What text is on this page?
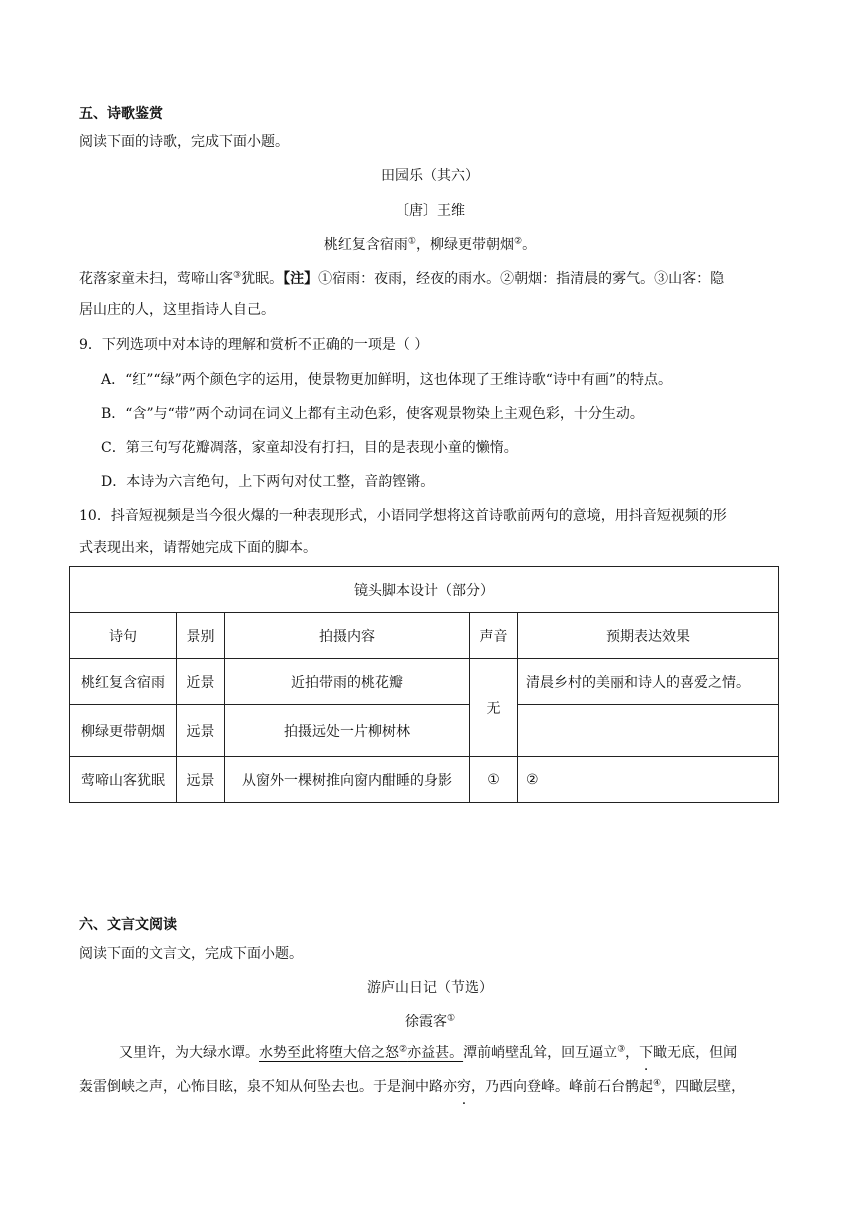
五、诗歌鉴赏
阅读下面的诗歌，完成下面小题。
田园乐（其六）
〔唐〕王维
桃红复含宿雨①，柳绿更带朝烟②。
花落家童未扫，莺啼山客③犹眠。【注】①宿雨：夜雨，经夜的雨水。②朝烟：指清晨的雾气。③山客：隐
居山庄的人，这里指诗人自己。
9．下列选项中对本诗的理解和赏析不正确的一项是（ ）
A．“红”“绿”两个颜色字的运用，使景物更加鲜明，这也体现了王维诗歌“诗中有画”的特点。
B．“含”与“带”两个动词在词义上都有主动色彩，使客观景物染上主观色彩，十分生动。
C．第三句写花瓣凋落，家童却没有打扫，目的是表现小童的懒惰。
D．本诗为六言绝句，上下两句对仗工整，音韵铿锵。
10．抖音短视频是当今很火爆的一种表现形式，小语同学想将这首诗歌前两句的意境，用抖音短视频的形
式表现出来，请帮她完成下面的脚本。
镜头脚本设计（部分）				
诗句	景别	拍摄内容	声音	预期表达效果
桃红复含宿雨	近景	近拍带雨的桃花瓣	无	清晨乡村的美丽和诗人的喜爱之情。
柳绿更带朝烟	远景	拍摄远处一片柳树林		
莺啼山客犹眠	远景	从窗外一棵树推向窗内酣睡的身影	①	②
六、文言文阅读
阅读下面的文言文，完成下面小题。
游庐山日记（节选）
徐霞客①
又里许，为大绿水谭。水势至此将堕大倍之怒②亦益甚。潭前峭壁乱耸，回互逼立③，下瞰无底，但闻
轰雷倒峡之声，心怖目眩，泉不知从何坠去也。于是涧中路亦穷，乃西向登峰。峰前石台鹘起④，四瞰层壁，
